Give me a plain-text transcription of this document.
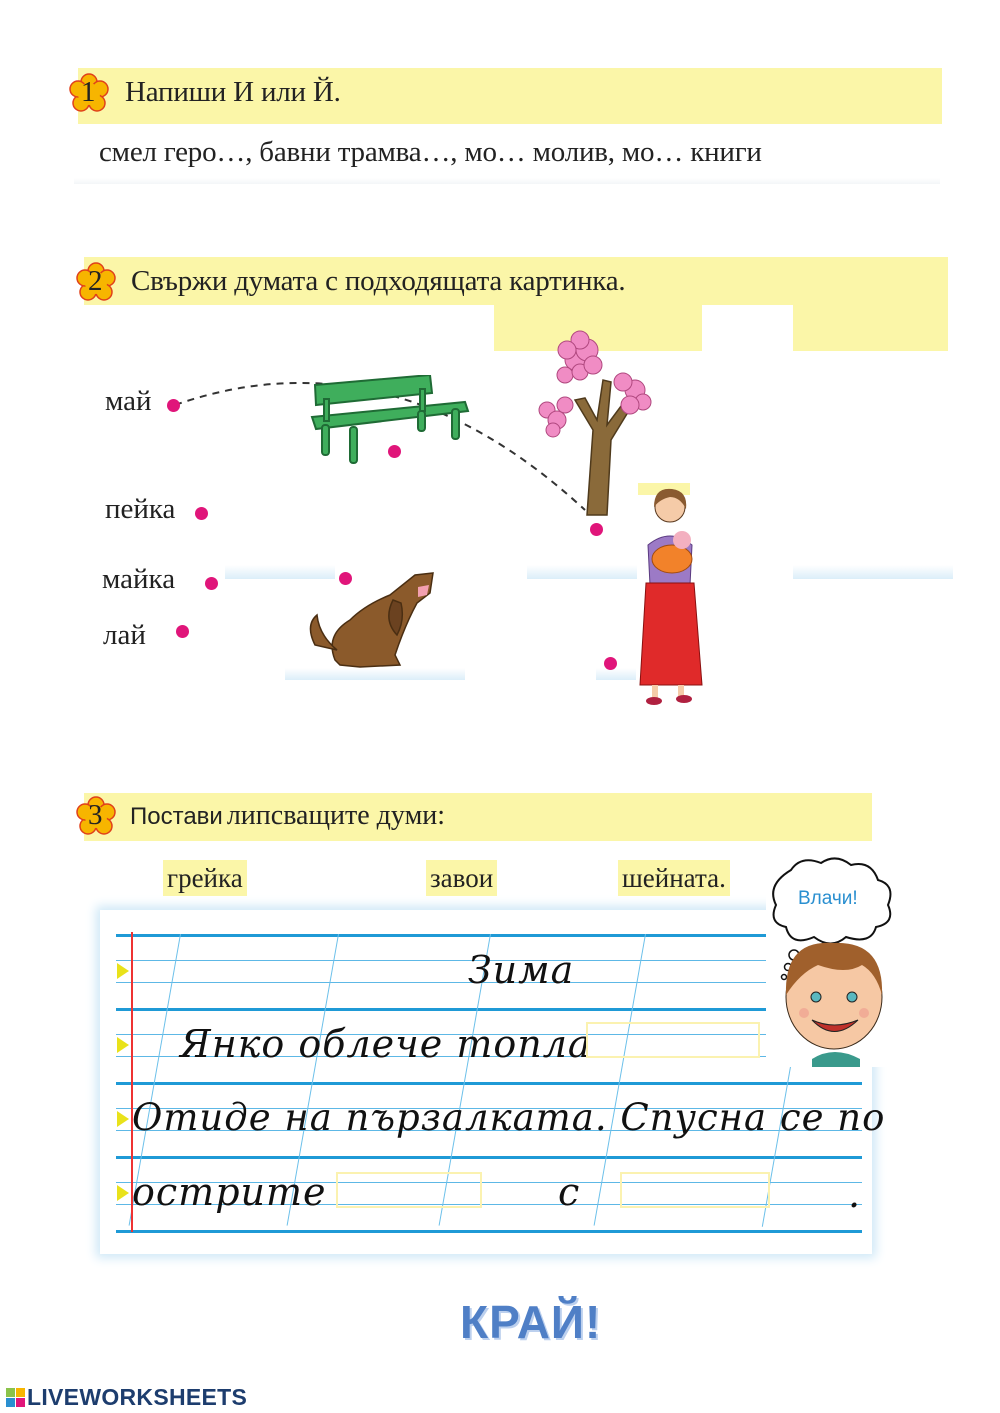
1 Напиши И или Й.
смел геро…, бавни трамва…, мо… молив, мо… книги
2 Свържи думата с подходящата картинка.
май
пейка
майка
лай
3 Постави липсващите думи:
грейка	завои	шейната.
Зима
Янко облече топла
Отиде на пързалката. Спусна се по
острите	с	.
Влачи!
КРАЙ!
LIVEWORKSHEETS
